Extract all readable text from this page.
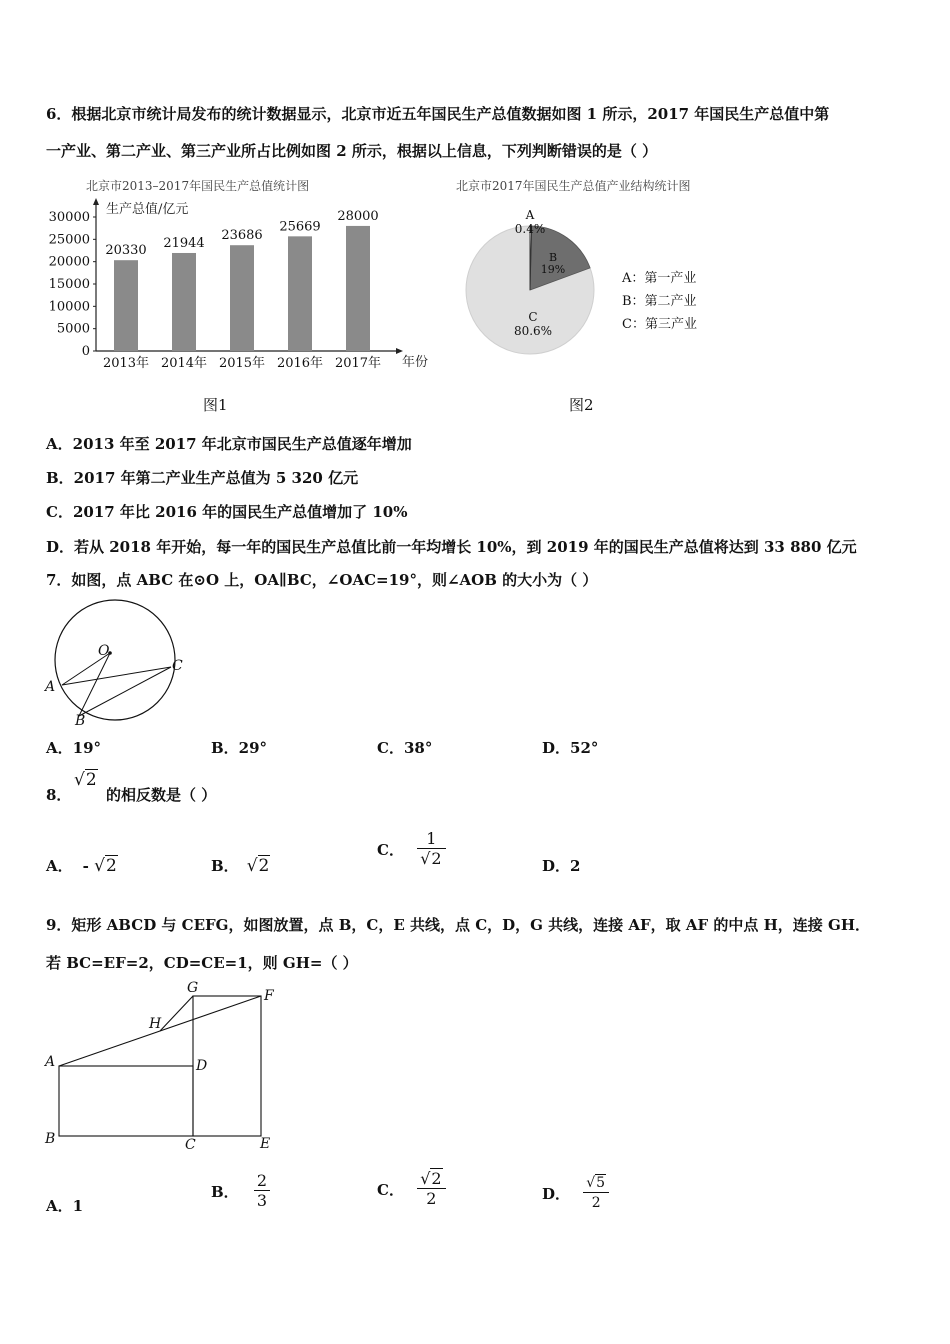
6．根据北京市统计局发布的统计数据显示，北京市近五年国民生产总值数据如图 1 所示，2017 年国民生产总值中第
一产业、第二产业、第三产业所占比例如图 2 所示，根据以上信息，下列判断错误的是（ ）
北京市2013–2017年国民生产总值统计图
生产总值/亿元
年份
0
5000
10000
15000
20000
25000
30000
20330
2013年
21944
2014年
23686
2015年
25669
2016年
28000
2017年
图1
北京市2017年国民生产总值产业结构统计图
A
0.4%
B
19%
C
80.6%
A：第一产业
B：第二产业
C：第三产业
图2
A．2013 年至 2017 年北京市国民生产总值逐年增加
B．2017 年第二产业生产总值为 5 320 亿元
C．2017 年比 2016 年的国民生产总值增加了 10%
D．若从 2018 年开始，每一年的国民生产总值比前一年均增长 10%，到 2019 年的国民生产总值将达到 33 880 亿元
7．如图，点 ABC 在⊙O 上，OA∥BC，∠OAC=19°，则∠AOB 的大小为（ ）
O
A
B
C
A．19°	B．29°	C．38°	D．52°
8．
√2
的相反数是（ ）
A． - √2	B． √2
C． $\frac{1}{√2}$	D．2
9．矩形 ABCD 与 CEFG，如图放置，点 B，C，E 共线，点 C，D，G 共线，连接 AF，取 AF 的中点 H，连接 GH．
若 BC=EF=2，CD=CE=1，则 GH=（ ）
G	F
H
A	D
B	C	E
A．1
B． $\frac{2}{3}$	C． $\frac{√2}{2}$	D． $\frac{√5}{2}$
